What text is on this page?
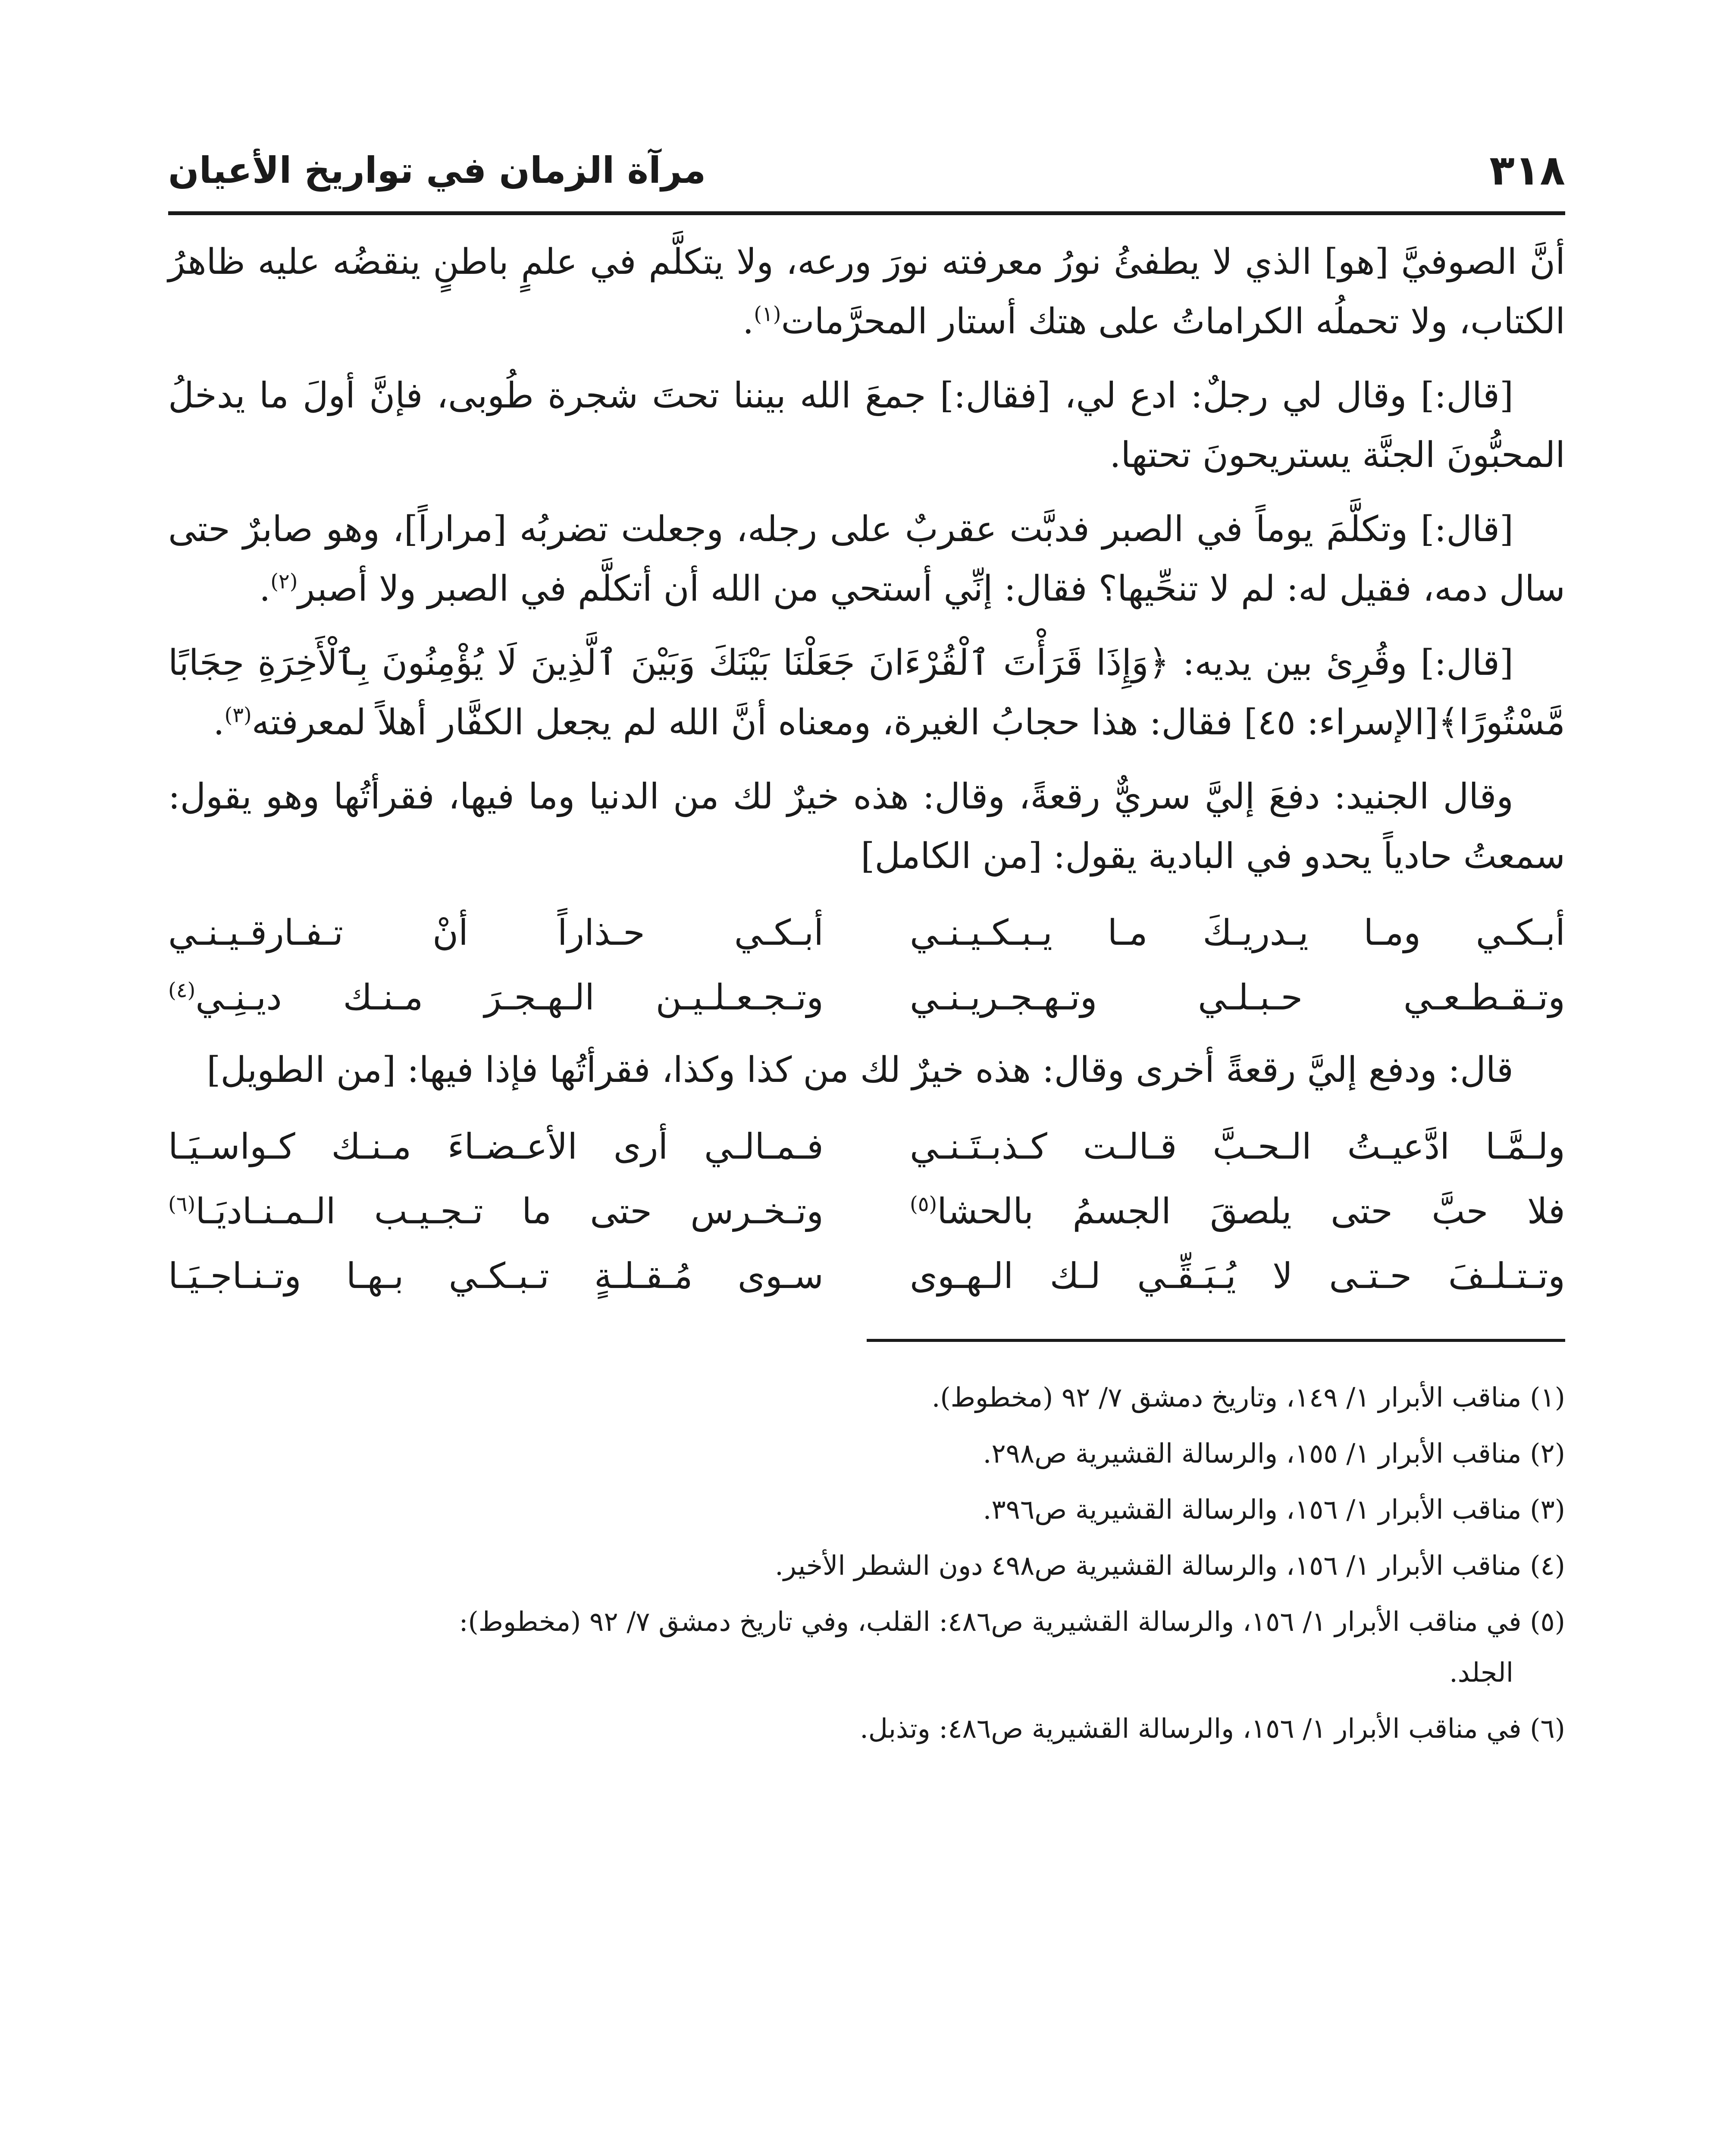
٣١٨
مرآة الزمان في تواريخ الأعيان
أنَّ الصوفيَّ [هو] الذي لا يطفئُ نورُ معرفته نورَ ورعه، ولا يتكلَّم في علمٍ باطنٍ ينقضُه عليه ظاهرُ الكتاب، ولا تحملُه الكراماتُ على هتك أستار المحرَّمات$^{(١)}$.
[قال:] وقال لي رجلٌ: ادع لي، [فقال:] جمعَ الله بيننا تحتَ شجرة طُوبى، فإنَّ أولَ ما يدخلُ المحبُّونَ الجنَّة يستريحونَ تحتها.
[قال:] وتكلَّمَ يوماً في الصبر فدبَّت عقربٌ على رجله، وجعلت تضربُه [مراراً]، وهو صابرٌ حتى سال دمه، فقيل له: لم لا تنحِّيها؟ فقال: إنِّي أستحي من الله أن أتكلَّم في الصبر ولا أصبر$^{(٢)}$.
[قال:] وقُرِئ بين يديه: ﴿وَإِذَا قَرَأْتَ ٱلْقُرْءَانَ جَعَلْنَا بَيْنَكَ وَبَيْنَ ٱلَّذِينَ لَا يُؤْمِنُونَ بِٱلْأَخِرَةِ حِجَابًا مَّسْتُورًا﴾[الإسراء: ٤٥] فقال: هذا حجابُ الغيرة، ومعناه أنَّ الله لم يجعل الكفَّار أهلاً لمعرفته$^{(٣)}$.
وقال الجنيد: دفعَ إليَّ سريٌّ رقعةً، وقال: هذه خيرٌ لك من الدنيا وما فيها، فقرأتُها وهو يقول: سمعتُ حادياً يحدو في البادية يقول: [من الكامل]
أبـكـي ومـا يـدريـكَ مـا يـبـكـيـنـي
أبـكـي حـذاراً أنْ تـفـارقـيـنـي
وتـقـطـعـي حـبـلـي وتـهـجـريـنـي
وتـجـعـلـيـن الـهـجـرَ مـنـك ديـنِـي$^{(٤)}$
قال: ودفع إليَّ رقعةً أخرى وقال: هذه خيرٌ لك من كذا وكذا، فقرأتُها فإذا فيها: [من الطويل]
ولـمَّـا ادَّعيـتُ الـحـبَّ قـالـت كـذبـتَـنـي
فـمـالـي أرى الأعـضـاءَ مـنـك كـواسـيَـا
فلا حبَّ حتى يلصقَ الجسمُ بالحشا$^{(٥)}$
وتـخـرس حتى ما تـجـيـب الـمـنـاديَـا$^{(٦)}$
وتـتـلـفَ حـتـى لا يُـبَـقِّـي لـك الـهـوى
سـوى مُـقـلـةٍ تـبـكـي بـهـا وتـنـاجـيَـا
(١) مناقب الأبرار ١/ ١٤٩، وتاريخ دمشق ٧/ ٩٢ (مخطوط).
(٢) مناقب الأبرار ١/ ١٥٥، والرسالة القشيرية ص٢٩٨.
(٣) مناقب الأبرار ١/ ١٥٦، والرسالة القشيرية ص٣٩٦.
(٤) مناقب الأبرار ١/ ١٥٦، والرسالة القشيرية ص٤٩٨ دون الشطر الأخير.
(٥) في مناقب الأبرار ١/ ١٥٦، والرسالة القشيرية ص٤٨٦: القلب، وفي تاريخ دمشق ٧/ ٩٢ (مخطوط):
الجلد.
(٦) في مناقب الأبرار ١/ ١٥٦، والرسالة القشيرية ص٤٨٦: وتذبل.
